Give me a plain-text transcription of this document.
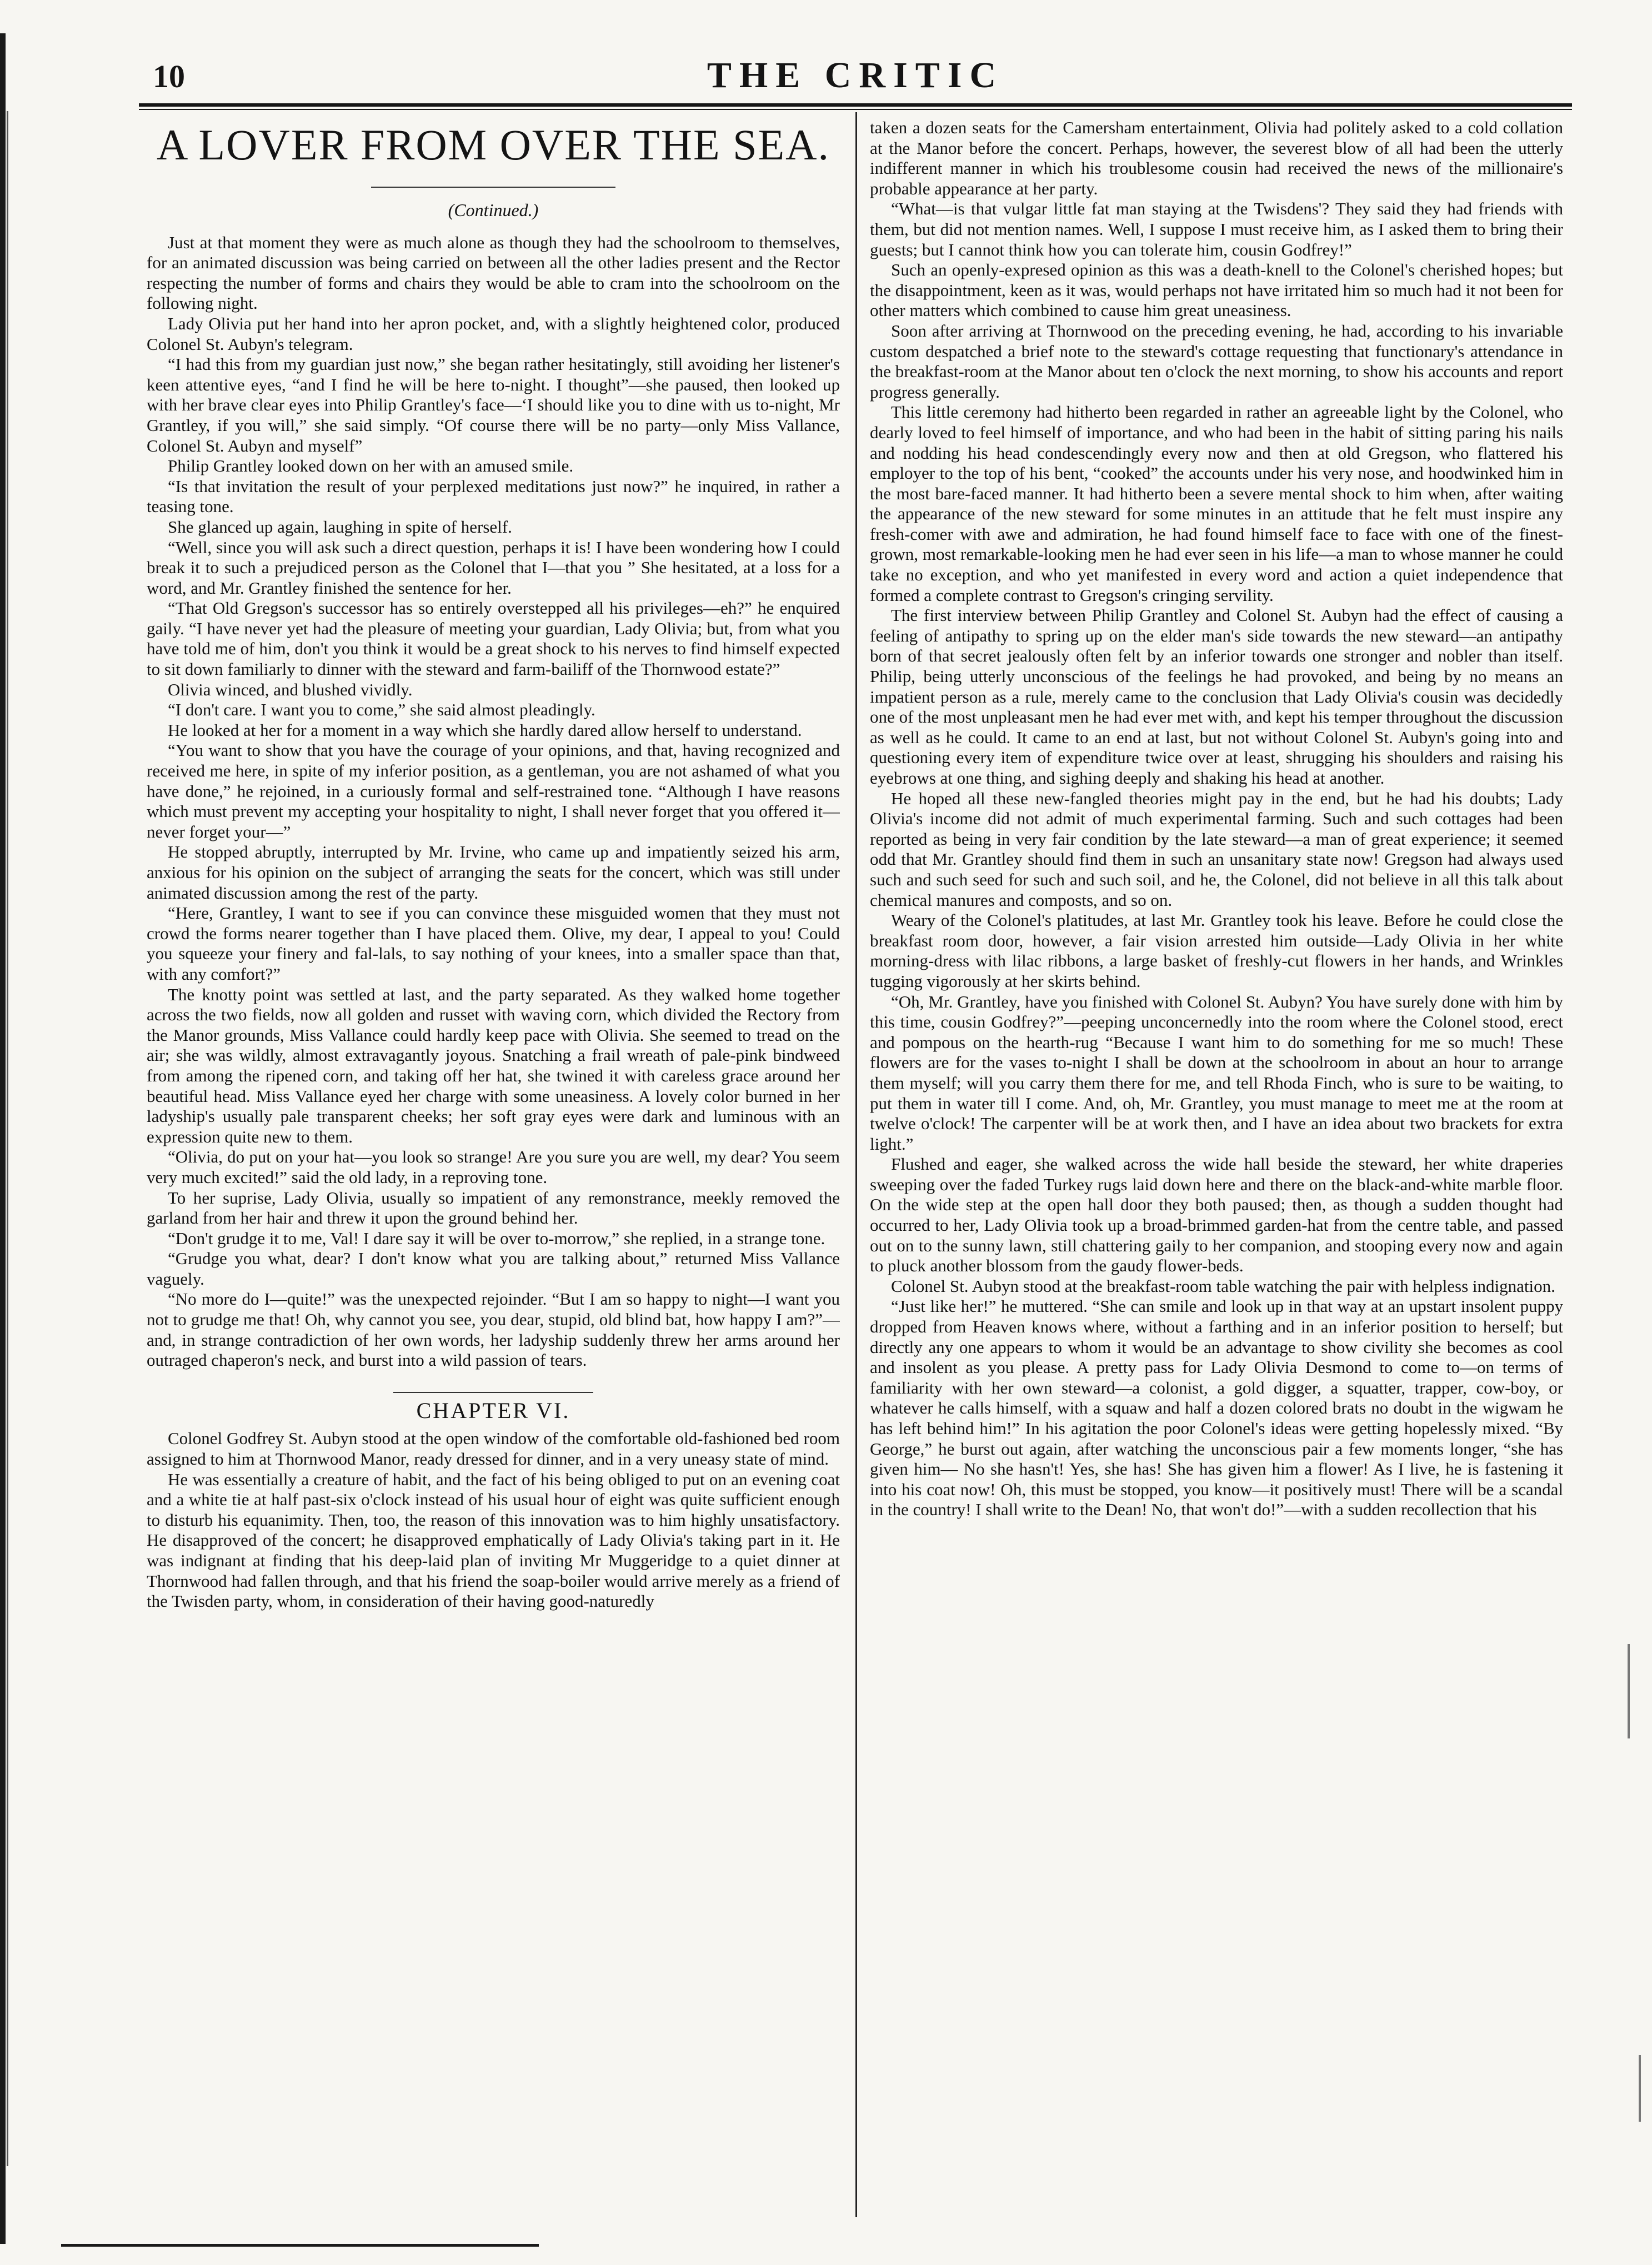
10	THE CRITIC
A LOVER FROM OVER THE SEA.
(Continued.)

Just at that moment they were as much alone as though they had the schoolroom to themselves, for an animated discussion was being carried on between all the other ladies present and the Rector respecting the number of forms and chairs they would be able to cram into the schoolroom on the following night.

Lady Olivia put her hand into her apron pocket, and, with a slightly heightened color, produced Colonel St. Aubyn's telegram.

“I had this from my guardian just now,” she began rather hesitatingly, still avoiding her listener's keen attentive eyes, “and I find he will be here to-night. I thought”—she paused, then looked up with her brave clear eyes into Philip Grantley's face—‘I should like you to dine with us to-night, Mr Grantley, if you will,” she said simply. “Of course there will be no party—only Miss Vallance, Colonel St. Aubyn and myself”

Philip Grantley looked down on her with an amused smile.

“Is that invitation the result of your perplexed meditations just now?” he inquired, in rather a teasing tone.

She glanced up again, laughing in spite of herself.

“Well, since you will ask such a direct question, perhaps it is! I have been wondering how I could break it to such a prejudiced person as the Colonel that I—that you ” She hesitated, at a loss for a word, and Mr. Grantley finished the sentence for her.

“That Old Gregson's successor has so entirely overstepped all his privileges—eh?” he enquired gaily. “I have never yet had the pleasure of meeting your guardian, Lady Olivia; but, from what you have told me of him, don't you think it would be a great shock to his nerves to find himself expected to sit down familiarly to dinner with the steward and farm-bailiff of the Thornwood estate?”

Olivia winced, and blushed vividly.

“I don't care. I want you to come,” she said almost pleadingly.

He looked at her for a moment in a way which she hardly dared allow herself to understand.

“You want to show that you have the courage of your opinions, and that, having recognized and received me here, in spite of my inferior position, as a gentleman, you are not ashamed of what you have done,” he rejoined, in a curiously formal and self-restrained tone. “Although I have reasons which must prevent my accepting your hospitality to night, I shall never forget that you offered it—never forget your—”

He stopped abruptly, interrupted by Mr. Irvine, who came up and impatiently seized his arm, anxious for his opinion on the subject of arranging the seats for the concert, which was still under animated discussion among the rest of the party.

“Here, Grantley, I want to see if you can convince these misguided women that they must not crowd the forms nearer together than I have placed them. Olive, my dear, I appeal to you! Could you squeeze your finery and fal-lals, to say nothing of your knees, into a smaller space than that, with any comfort?”

The knotty point was settled at last, and the party separated. As they walked home together across the two fields, now all golden and russet with waving corn, which divided the Rectory from the Manor grounds, Miss Vallance could hardly keep pace with Olivia. She seemed to tread on the air; she was wildly, almost extravagantly joyous. Snatching a frail wreath of pale-pink bindweed from among the ripened corn, and taking off her hat, she twined it with careless grace around her beautiful head. Miss Vallance eyed her charge with some uneasiness. A lovely color burned in her ladyship's usually pale transparent cheeks; her soft gray eyes were dark and luminous with an expression quite new to them.

“Olivia, do put on your hat—you look so strange! Are you sure you are well, my dear? You seem very much excited!” said the old lady, in a reproving tone.

To her suprise, Lady Olivia, usually so impatient of any remonstrance, meekly removed the garland from her hair and threw it upon the ground behind her.

“Don't grudge it to me, Val! I dare say it will be over to-morrow,” she replied, in a strange tone.

“Grudge you what, dear? I don't know what you are talking about,” returned Miss Vallance vaguely.

“No more do I—quite!” was the unexpected rejoinder. “But I am so happy to night—I want you not to grudge me that! Oh, why cannot you see, you dear, stupid, old blind bat, how happy I am?”—and, in strange contradiction of her own words, her ladyship suddenly threw her arms around her outraged chaperon's neck, and burst into a wild passion of tears.

CHAPTER VI.

Colonel Godfrey St. Aubyn stood at the open window of the comfortable old-fashioned bed room assigned to him at Thornwood Manor, ready dressed for dinner, and in a very uneasy state of mind.

He was essentially a creature of habit, and the fact of his being obliged to put on an evening coat and a white tie at half past-six o'clock instead of his usual hour of eight was quite sufficient enough to disturb his equanimity. Then, too, the reason of this innovation was to him highly unsatisfactory. He disapproved of the concert; he disapproved emphatically of Lady Olivia's taking part in it. He was indignant at finding that his deep-laid plan of inviting Mr Muggeridge to a quiet dinner at Thornwood had fallen through, and that his friend the soap-boiler would arrive merely as a friend of the Twisden party, whom, in consideration of their having good-naturedly

taken a dozen seats for the Camersham entertainment, Olivia had politely asked to a cold collation at the Manor before the concert. Perhaps, however, the severest blow of all had been the utterly indifferent manner in which his troublesome cousin had received the news of the millionaire's probable appearance at her party.

“What—is that vulgar little fat man staying at the Twisdens'? They said they had friends with them, but did not mention names. Well, I suppose I must receive him, as I asked them to bring their guests; but I cannot think how you can tolerate him, cousin Godfrey!”

Such an openly-expresed opinion as this was a death-knell to the Colonel's cherished hopes; but the disappointment, keen as it was, would perhaps not have irritated him so much had it not been for other matters which combined to cause him great uneasiness.

Soon after arriving at Thornwood on the preceding evening, he had, according to his invariable custom despatched a brief note to the steward's cottage requesting that functionary's attendance in the breakfast-room at the Manor about ten o'clock the next morning, to show his accounts and report progress generally.

This little ceremony had hitherto been regarded in rather an agreeable light by the Colonel, who dearly loved to feel himself of importance, and who had been in the habit of sitting paring his nails and nodding his head condescendingly every now and then at old Gregson, who flattered his employer to the top of his bent, “cooked” the accounts under his very nose, and hoodwinked him in the most bare-faced manner. It had hitherto been a severe mental shock to him when, after waiting the appearance of the new steward for some minutes in an attitude that he felt must inspire any fresh-comer with awe and admiration, he had found himself face to face with one of the finest-grown, most remarkable-looking men he had ever seen in his life—a man to whose manner he could take no exception, and who yet manifested in every word and action a quiet independence that formed a complete contrast to Gregson's cringing servility.

The first interview between Philip Grantley and Colonel St. Aubyn had the effect of causing a feeling of antipathy to spring up on the elder man's side towards the new steward—an antipathy born of that secret jealously often felt by an inferior towards one stronger and nobler than itself. Philip, being utterly unconscious of the feelings he had provoked, and being by no means an impatient person as a rule, merely came to the conclusion that Lady Olivia's cousin was decidedly one of the most unpleasant men he had ever met with, and kept his temper throughout the discussion as well as he could. It came to an end at last, but not without Colonel St. Aubyn's going into and questioning every item of expenditure twice over at least, shrugging his shoulders and raising his eyebrows at one thing, and sighing deeply and shaking his head at another.

He hoped all these new-fangled theories might pay in the end, but he had his doubts; Lady Olivia's income did not admit of much experimental farming. Such and such cottages had been reported as being in very fair condition by the late steward—a man of great experience; it seemed odd that Mr. Grantley should find them in such an unsanitary state now! Gregson had always used such and such seed for such and such soil, and he, the Colonel, did not believe in all this talk about chemical manures and composts, and so on.

Weary of the Colonel's platitudes, at last Mr. Grantley took his leave. Before he could close the breakfast room door, however, a fair vision arrested him outside—Lady Olivia in her white morning-dress with lilac ribbons, a large basket of freshly-cut flowers in her hands, and Wrinkles tugging vigorously at her skirts behind.

“Oh, Mr. Grantley, have you finished with Colonel St. Aubyn? You have surely done with him by this time, cousin Godfrey?”—peeping unconcernedly into the room where the Colonel stood, erect and pompous on the hearth-rug “Because I want him to do something for me so much! These flowers are for the vases to-night I shall be down at the schoolroom in about an hour to arrange them myself; will you carry them there for me, and tell Rhoda Finch, who is sure to be waiting, to put them in water till I come. And, oh, Mr. Grantley, you must manage to meet me at the room at twelve o'clock! The carpenter will be at work then, and I have an idea about two brackets for extra light.”

Flushed and eager, she walked across the wide hall beside the steward, her white draperies sweeping over the faded Turkey rugs laid down here and there on the black-and-white marble floor. On the wide step at the open hall door they both paused; then, as though a sudden thought had occurred to her, Lady Olivia took up a broad-brimmed garden-hat from the centre table, and passed out on to the sunny lawn, still chattering gaily to her companion, and stooping every now and again to pluck another blossom from the gaudy flower-beds.

Colonel St. Aubyn stood at the breakfast-room table watching the pair with helpless indignation.

“Just like her!” he muttered. “She can smile and look up in that way at an upstart insolent puppy dropped from Heaven knows where, without a farthing and in an inferior position to herself; but directly any one appears to whom it would be an advantage to show civility she becomes as cool and insolent as you please. A pretty pass for Lady Olivia Desmond to come to—on terms of familiarity with her own steward—a colonist, a gold digger, a squatter, trapper, cow-boy, or whatever he calls himself, with a squaw and half a dozen colored brats no doubt in the wigwam he has left behind him!” In his agitation the poor Colonel's ideas were getting hopelessly mixed. “By George,” he burst out again, after watching the unconscious pair a few moments longer, “she has given him— No she hasn't! Yes, she has! She has given him a flower! As I live, he is fastening it into his coat now! Oh, this must be stopped, you know—it positively must! There will be a scandal in the country! I shall write to the Dean! No, that won't do!”—with a sudden recollection that his
